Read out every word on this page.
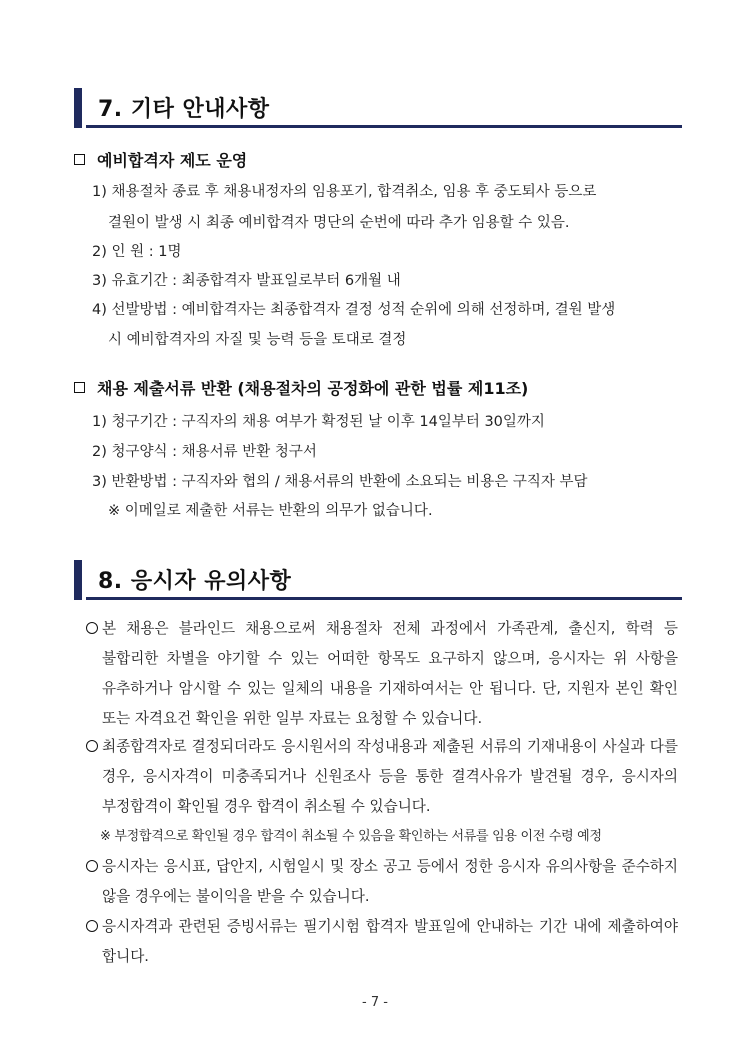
7. 기타 안내사항
예비합격자 제도 운영
1) 채용절차 종료 후 채용내정자의 임용포기, 합격취소, 임용 후 중도퇴사 등으로
결원이 발생 시 최종 예비합격자 명단의 순번에 따라 추가 임용할 수 있음.
2) 인 원 : 1명
3) 유효기간 : 최종합격자 발표일로부터 6개월 내
4) 선발방법 : 예비합격자는 최종합격자 결정 성적 순위에 의해 선정하며, 결원 발생
시 예비합격자의 자질 및 능력 등을 토대로 결정
채용 제출서류 반환 (채용절차의 공정화에 관한 법률 제11조)
1) 청구기간 : 구직자의 채용 여부가 확정된 날 이후 14일부터 30일까지
2) 청구양식 : 채용서류 반환 청구서
3) 반환방법 : 구직자와 협의 / 채용서류의 반환에 소요되는 비용은 구직자 부담
※ 이메일로 제출한 서류는 반환의 의무가 없습니다.
8. 응시자 유의사항
본 채용은 블라인드 채용으로써 채용절차 전체 과정에서 가족관계, 출신지, 학력 등 불합리한 차별을 야기할 수 있는 어떠한 항목도 요구하지 않으며, 응시자는 위 사항을 유추하거나 암시할 수 있는 일체의 내용을 기재하여서는 안 됩니다. 단, 지원자 본인 확인 또는 자격요건 확인을 위한 일부 자료는 요청할 수 있습니다.
최종합격자로 결정되더라도 응시원서의 작성내용과 제출된 서류의 기재내용이 사실과 다를 경우, 응시자격이 미충족되거나 신원조사 등을 통한 결격사유가 발견될 경우, 응시자의 부정합격이 확인될 경우 합격이 취소될 수 있습니다.
※ 부정합격으로 확인될 경우 합격이 취소될 수 있음을 확인하는 서류를 임용 이전 수령 예정
응시자는 응시표, 답안지, 시험일시 및 장소 공고 등에서 정한 응시자 유의사항을 준수하지 않을 경우에는 불이익을 받을 수 있습니다.
응시자격과 관련된 증빙서류는 필기시험 합격자 발표일에 안내하는 기간 내에 제출하여야 합니다.
- 7 -
